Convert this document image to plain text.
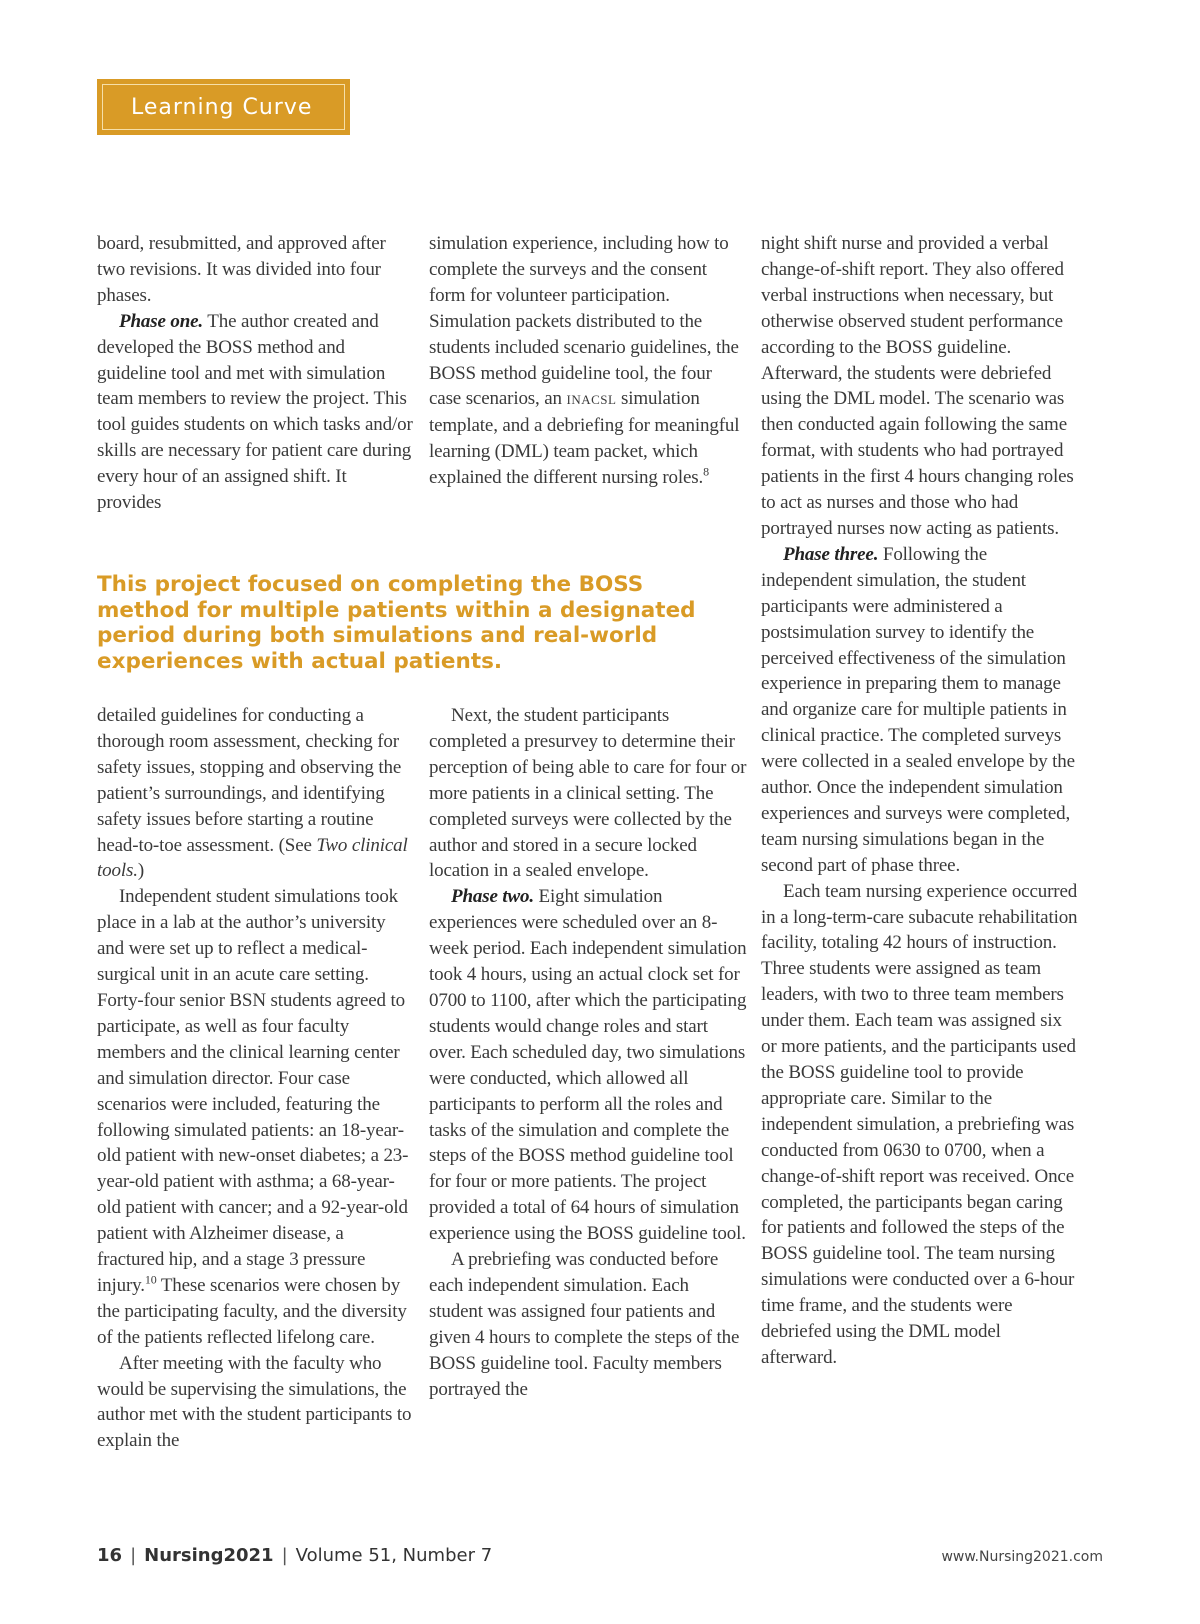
Learning Curve

board, resubmitted, and approved after two revisions. It was divided into four phases.

Phase one. The author created and developed the BOSS method and guideline tool and met with simulation team members to review the project. This tool guides students on which tasks and/or skills are necessary for patient care during every hour of an assigned shift. It provides

simulation experience, including how to complete the surveys and the consent form for volunteer participation. Simulation packets distributed to the students included scenario guidelines, the BOSS method guideline tool, the four case scenarios, an INACSL simulation template, and a debriefing for meaningful learning (DML) team packet, which explained the different nursing roles.$^8$

This project focused on completing the BOSS method for multiple patients within a designated period during both simulations and real-world experiences with actual patients.

detailed guidelines for conducting a thorough room assessment, checking for safety issues, stopping and observing the patient’s surroundings, and identifying safety issues before starting a routine head-to-toe assessment. (See Two clinical tools.)

Independent student simulations took place in a lab at the author’s university and were set up to reflect a medical-surgical unit in an acute care setting. Forty-four senior BSN students agreed to participate, as well as four faculty members and the clinical learning center and simulation director. Four case scenarios were included, featuring the following simulated patients: an 18-year-old patient with new-onset diabetes; a 23-year-old patient with asthma; a 68-year-old patient with cancer; and a 92-year-old patient with Alzheimer disease, a fractured hip, and a stage 3 pressure injury.$^{10}$ These scenarios were chosen by the participating faculty, and the diversity of the patients reflected lifelong care.

After meeting with the faculty who would be supervising the simulations, the author met with the student participants to explain the

Next, the student participants completed a presurvey to determine their perception of being able to care for four or more patients in a clinical setting. The completed surveys were collected by the author and stored in a secure locked location in a sealed envelope.

Phase two. Eight simulation experiences were scheduled over an 8-week period. Each independent simulation took 4 hours, using an actual clock set for 0700 to 1100, after which the participating students would change roles and start over. Each scheduled day, two simulations were conducted, which allowed all participants to perform all the roles and tasks of the simulation and complete the steps of the BOSS method guideline tool for four or more patients. The project provided a total of 64 hours of simulation experience using the BOSS guideline tool.

A prebriefing was conducted before each independent simulation. Each student was assigned four patients and given 4 hours to complete the steps of the BOSS guideline tool. Faculty members portrayed the

night shift nurse and provided a verbal change-of-shift report. They also offered verbal instructions when necessary, but otherwise observed student performance according to the BOSS guideline. Afterward, the students were debriefed using the DML model. The scenario was then conducted again following the same format, with students who had portrayed patients in the first 4 hours changing roles to act as nurses and those who had portrayed nurses now acting as patients.

Phase three. Following the independent simulation, the student participants were administered a postsimulation survey to identify the perceived effectiveness of the simulation experience in preparing them to manage and organize care for multiple patients in clinical practice. The completed surveys were collected in a sealed envelope by the author. Once the independent simulation experiences and surveys were completed, team nursing simulations began in the second part of phase three.

Each team nursing experience occurred in a long-term-care subacute rehabilitation facility, totaling 42 hours of instruction. Three students were assigned as team leaders, with two to three team members under them. Each team was assigned six or more patients, and the participants used the BOSS guideline tool to provide appropriate care. Similar to the independent simulation, a prebriefing was conducted from 0630 to 0700, when a change-of-shift report was received. Once completed, the participants began caring for patients and followed the steps of the BOSS guideline tool. The team nursing simulations were conducted over a 6-hour time frame, and the students were debriefed using the DML model afterward.

16 | Nursing2021 | Volume 51, Number 7	www.Nursing2021.com
